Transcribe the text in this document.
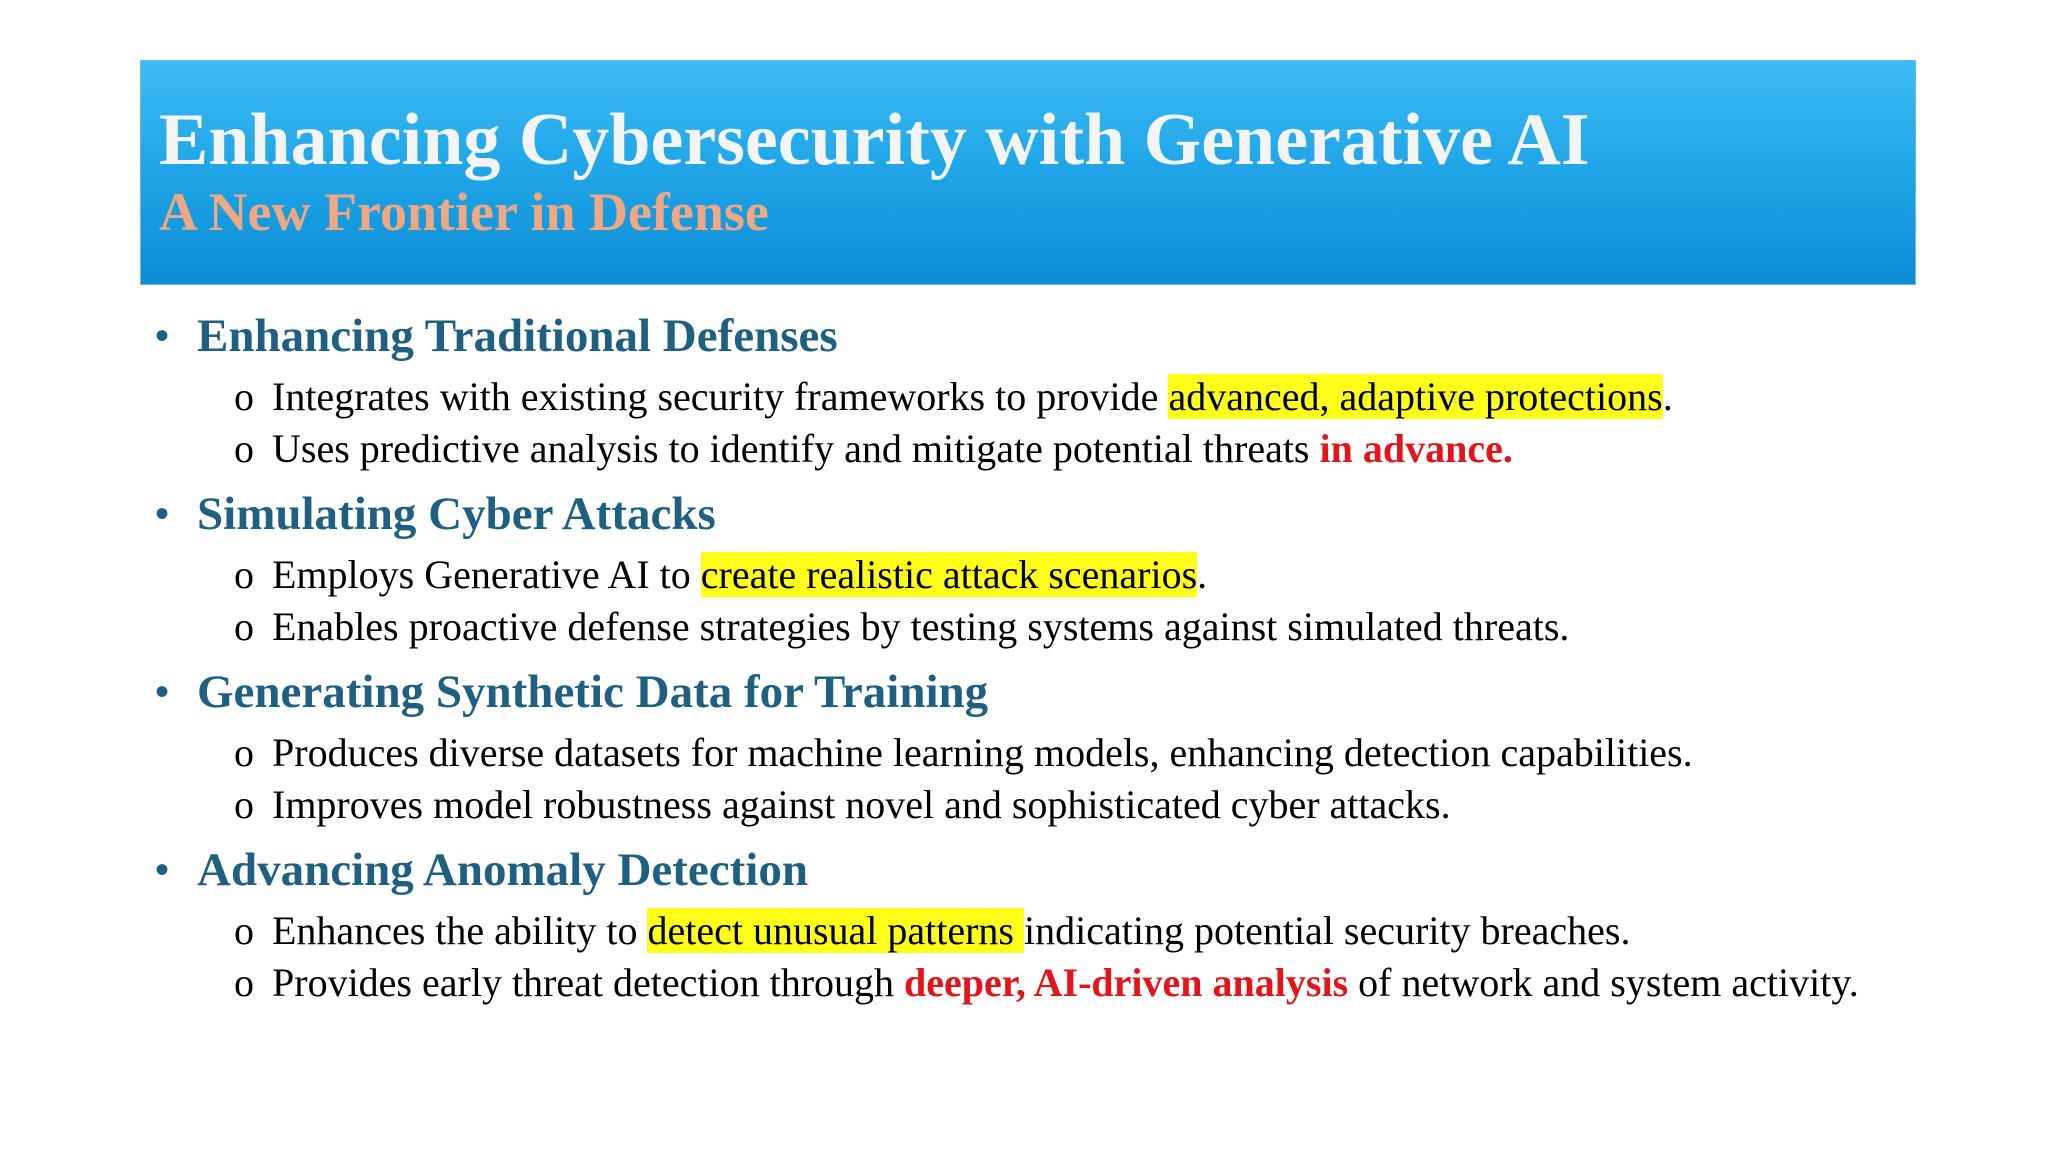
Enhancing Cybersecurity with Generative AI
A New Frontier in Defense
• Enhancing Traditional Defenses
o Integrates with existing security frameworks to provide advanced, adaptive protections.
o Uses predictive analysis to identify and mitigate potential threats in advance.
• Simulating Cyber Attacks
o Employs Generative AI to create realistic attack scenarios.
o Enables proactive defense strategies by testing systems against simulated threats.
• Generating Synthetic Data for Training
o Produces diverse datasets for machine learning models, enhancing detection capabilities.
o Improves model robustness against novel and sophisticated cyber attacks.
• Advancing Anomaly Detection
o Enhances the ability to detect unusual patterns indicating potential security breaches.
o Provides early threat detection through deeper, AI-driven analysis of network and system activity.
